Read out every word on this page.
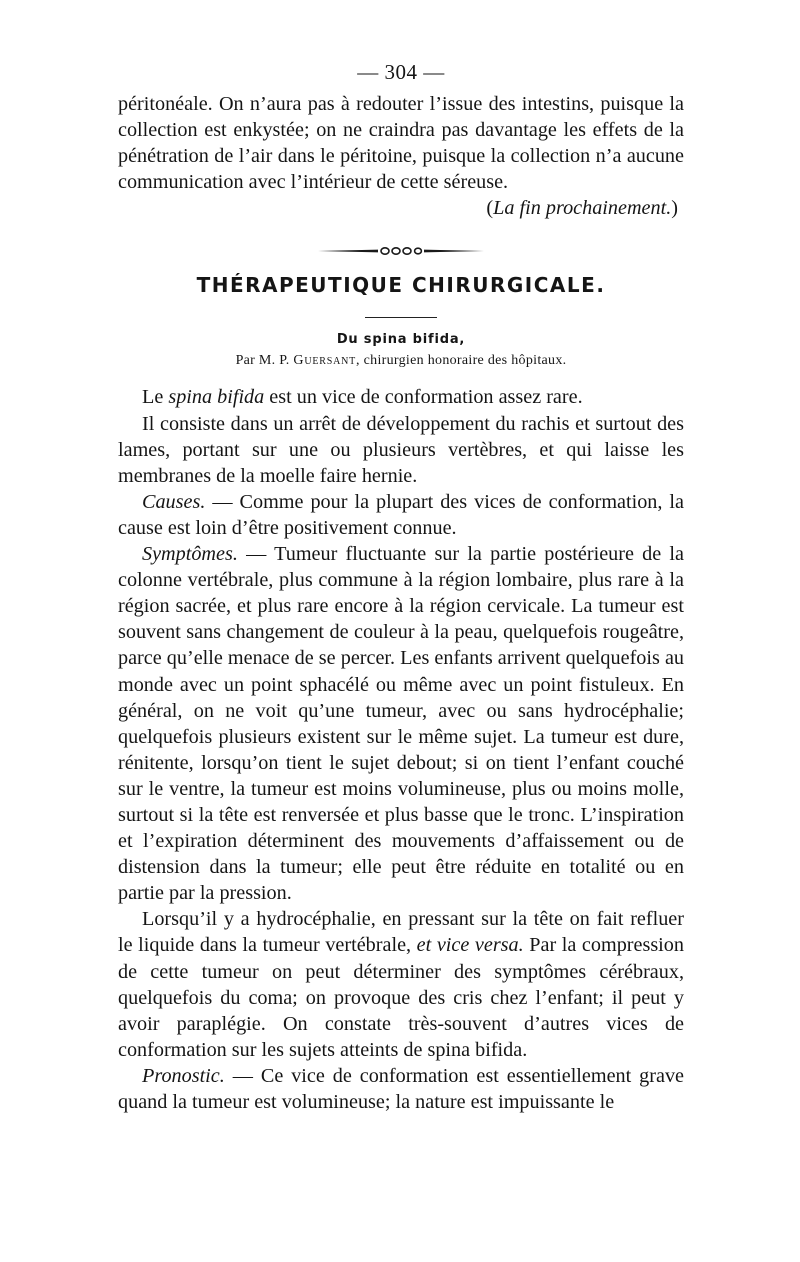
— 304 —

péritonéale. On n’aura pas à redouter l’issue des intestins, puisque la collection est enkystée; on ne craindra pas davantage les effets de la pénétration de l’air dans le péritoine, puisque la collection n’a aucune communication avec l’intérieur de cette séreuse.

(La fin prochainement.)

THÉRAPEUTIQUE CHIRURGICALE.
Du spina bifida,
Par M. P. Guersant, chirurgien honoraire des hôpitaux.

Le spina bifida est un vice de conformation assez rare.

Il consiste dans un arrêt de développement du rachis et surtout des lames, portant sur une ou plusieurs vertèbres, et qui laisse les membranes de la moelle faire hernie.

Causes. — Comme pour la plupart des vices de conformation, la cause est loin d’être positivement connue.

Symptômes. — Tumeur fluctuante sur la partie postérieure de la colonne vertébrale, plus commune à la région lombaire, plus rare à la région sacrée, et plus rare encore à la région cervicale. La tumeur est souvent sans changement de couleur à la peau, quelquefois rougeâtre, parce qu’elle menace de se percer. Les enfants arrivent quelquefois au monde avec un point sphacélé ou même avec un point fistuleux. En général, on ne voit qu’une tumeur, avec ou sans hydrocéphalie; quelquefois plusieurs existent sur le même sujet. La tumeur est dure, rénitente, lorsqu’on tient le sujet debout; si on tient l’enfant couché sur le ventre, la tumeur est moins volumineuse, plus ou moins molle, surtout si la tête est renversée et plus basse que le tronc. L’inspiration et l’expiration déterminent des mouvements d’affaissement ou de distension dans la tumeur; elle peut être réduite en totalité ou en partie par la pression.

Lorsqu’il y a hydrocéphalie, en pressant sur la tête on fait refluer le liquide dans la tumeur vertébrale, et vice versa. Par la compression de cette tumeur on peut déterminer des symptômes cérébraux, quelquefois du coma; on provoque des cris chez l’enfant; il peut y avoir paraplégie. On constate très-souvent d’autres vices de conformation sur les sujets atteints de spina bifida.

Pronostic. — Ce vice de conformation est essentiellement grave quand la tumeur est volumineuse; la nature est impuissante le
